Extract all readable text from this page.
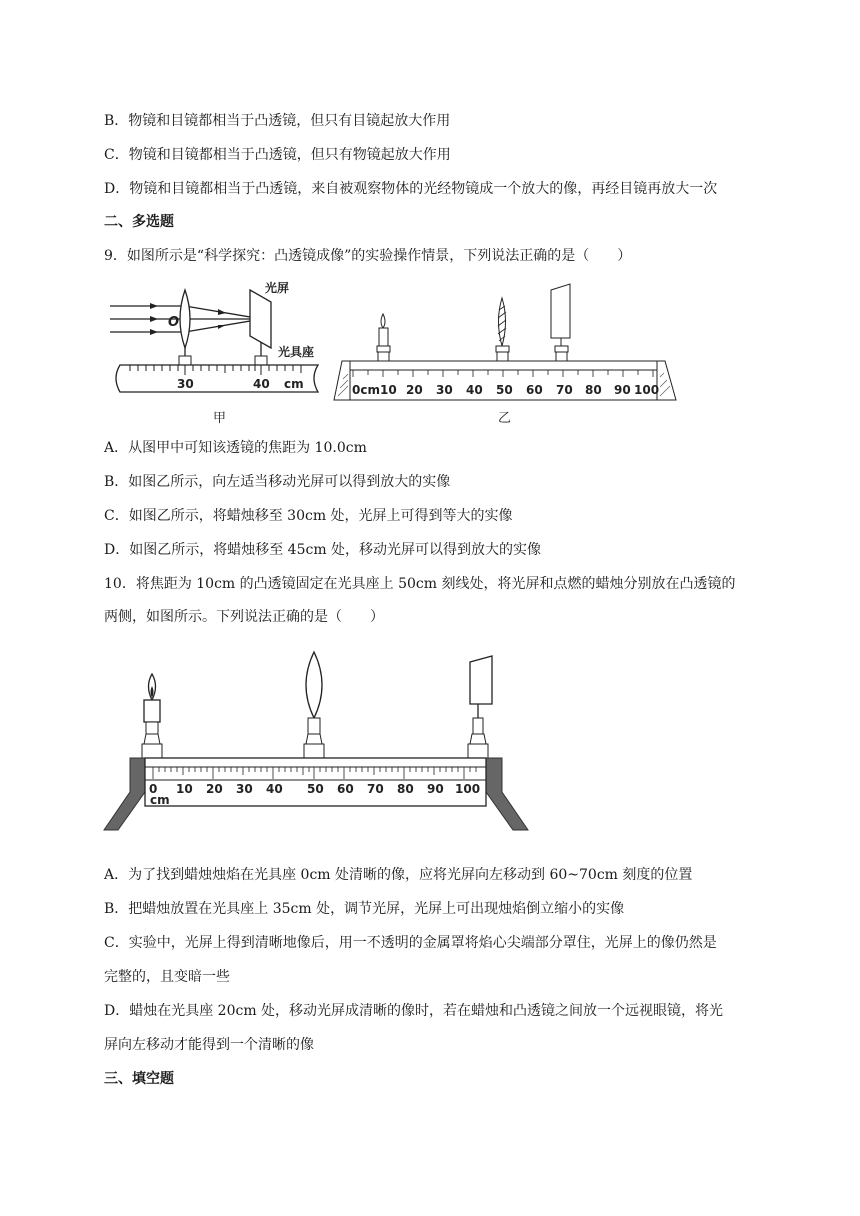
B．物镜和目镜都相当于凸透镜，但只有目镜起放大作用
C．物镜和目镜都相当于凸透镜，但只有物镜起放大作用
D．物镜和目镜都相当于凸透镜，来自被观察物体的光经物镜成一个放大的像，再经目镜再放大一次
二、多选题
9．如图所示是“科学探究：凸透镜成像”的实验操作情景，下列说法正确的是（　　）
O
光屏
光具座
30	40 cm
甲
0cm10 20 30 40 50 60 70 80 90 100
乙
A．从图甲中可知该透镜的焦距为 10.0cm
B．如图乙所示，向左适当移动光屏可以得到放大的实像
C．如图乙所示，将蜡烛移至 30cm 处，光屏上可得到等大的实像
D．如图乙所示，将蜡烛移至 45cm 处，移动光屏可以得到放大的实像
10．将焦距为 10cm 的凸透镜固定在光具座上 50cm 刻线处，将光屏和点燃的蜡烛分别放在凸透镜的
两侧，如图所示。下列说法正确的是（　　）
0
cm
10 20 30 40 50 60 70 80 90 100
A．为了找到蜡烛烛焰在光具座 0cm 处清晰的像，应将光屏向左移动到 60~70cm 刻度的位置
B．把蜡烛放置在光具座上 35cm 处，调节光屏，光屏上可出现烛焰倒立缩小的实像
C．实验中，光屏上得到清晰地像后，用一不透明的金属罩将焰心尖端部分罩住，光屏上的像仍然是
完整的，且变暗一些
D．蜡烛在光具座 20cm 处，移动光屏成清晰的像时，若在蜡烛和凸透镜之间放一个远视眼镜，将光
屏向左移动才能得到一个清晰的像
三、填空题
